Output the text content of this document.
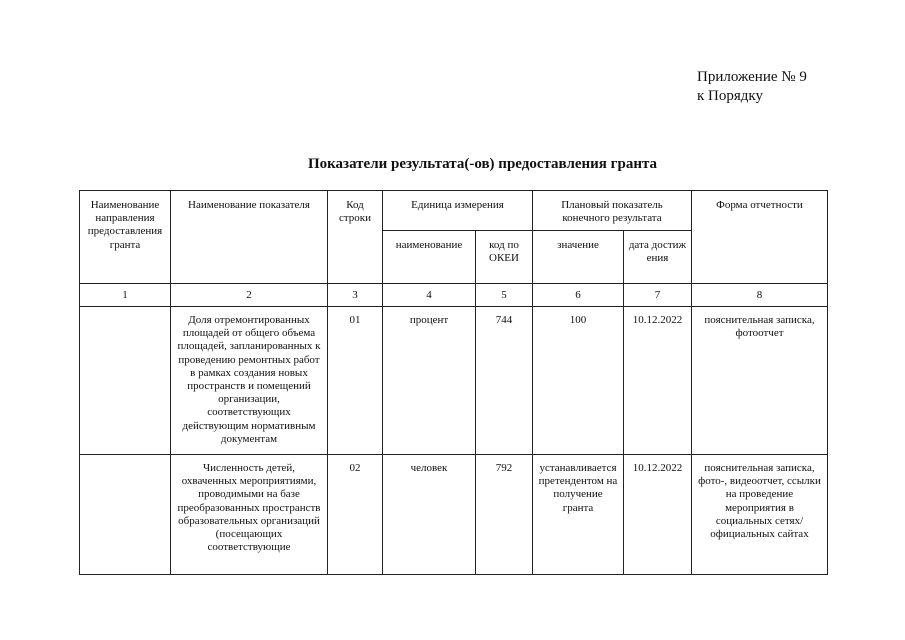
Приложение № 9
к Порядку
Показатели результата(-ов) предоставления гранта
Наименование направления предоставления гранта	Наименование показателя	Код строки	Единица измерения		Плановый показатель конечного результата		Форма отчетности
			наименование	код по ОКЕИ	значение	дата достижения	
1	2	3	4	5	6	7	8
	Доля отремонтированных площадей от общего объема площадей, запланированных к проведению ремонтных работ в рамках создания новых пространств и помещений организации, соответствующих действующим нормативным документам	01	процент	744	100	10.12.2022	пояснительная записка, фотоотчет
	Численность детей, охваченных мероприятиями, проводимыми на базе преобразованных пространств образовательных организаций (посещающих соответствующие	02	человек	792	устанавливается претендентом на получение гранта	10.12.2022	пояснительная записка, фото-, видеоотчет, ссылки на проведение мероприятия в социальных сетях/официальных сайтах
